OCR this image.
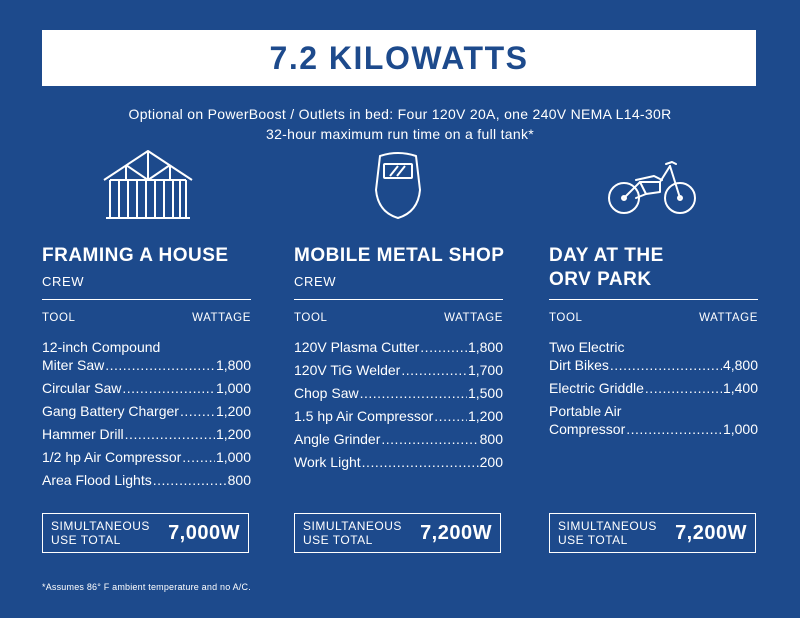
7.2 KILOWATTS
Optional on PowerBoost / Outlets in bed: Four 120V 20A, one 240V NEMA L14-30R
32-hour maximum run time on a full tank*
FRAMING A HOUSE
CREW
TOOL	WATTAGE
12-inch Compound
Miter Saw .....	1,800
Circular Saw .....	1,000
Gang Battery Charger .....	1,200
Hammer Drill .....	1,200
1/2 hp Air Compressor ..... 1,000
Area Flood Lights .....	800
SIMULTANEOUS
USE TOTAL	7,000W
MOBILE METAL SHOP
CREW
TOOL	WATTAGE
120V Plasma Cutter .....	1,800
120V TiG Welder .....	1,700
Chop Saw .....	1,500
1.5 hp Air Compressor ..... 1,200
Angle Grinder .....	800
Work Light .....	200
SIMULTANEOUS
USE TOTAL	7,200W
DAY AT THE
ORV PARK
TOOL	WATTAGE
Two Electric
Dirt Bikes .....	4,800
Electric Griddle .....	1,400
Portable Air
Compressor .....	1,000
SIMULTANEOUS
USE TOTAL	7,200W
*Assumes 86° F ambient temperature and no A/C.
